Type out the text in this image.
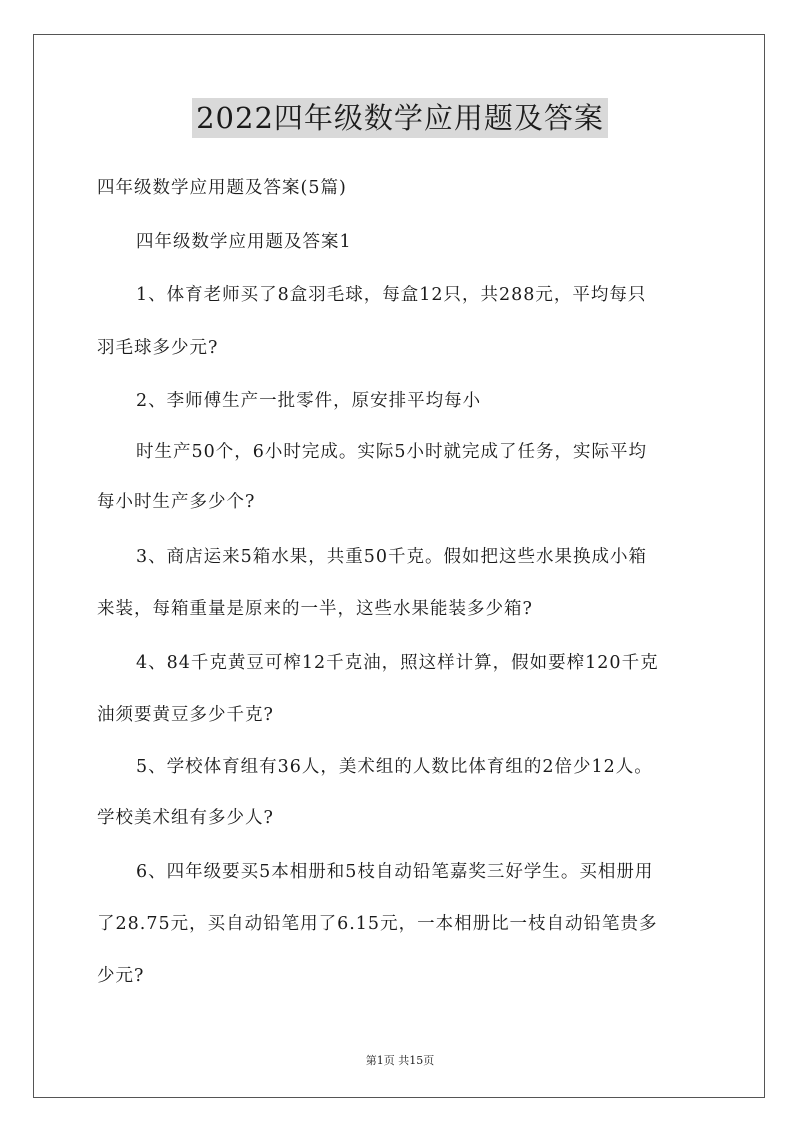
2022四年级数学应用题及答案
四年级数学应用题及答案(5篇)
四年级数学应用题及答案1
1、体育老师买了8盒羽毛球，每盒12只，共288元，平均每只
羽毛球多少元?
2、李师傅生产一批零件，原安排平均每小
时生产50个，6小时完成。实际5小时就完成了任务，实际平均
每小时生产多少个?
3、商店运来5箱水果，共重50千克。假如把这些水果换成小箱
来装，每箱重量是原来的一半，这些水果能装多少箱?
4、84千克黄豆可榨12千克油，照这样计算，假如要榨120千克
油须要黄豆多少千克?
5、学校体育组有36人，美术组的人数比体育组的2倍少12人。
学校美术组有多少人?
6、四年级要买5本相册和5枝自动铅笔嘉奖三好学生。买相册用
了28.75元，买自动铅笔用了6.15元，一本相册比一枝自动铅笔贵多
少元?
第1页 共15页
